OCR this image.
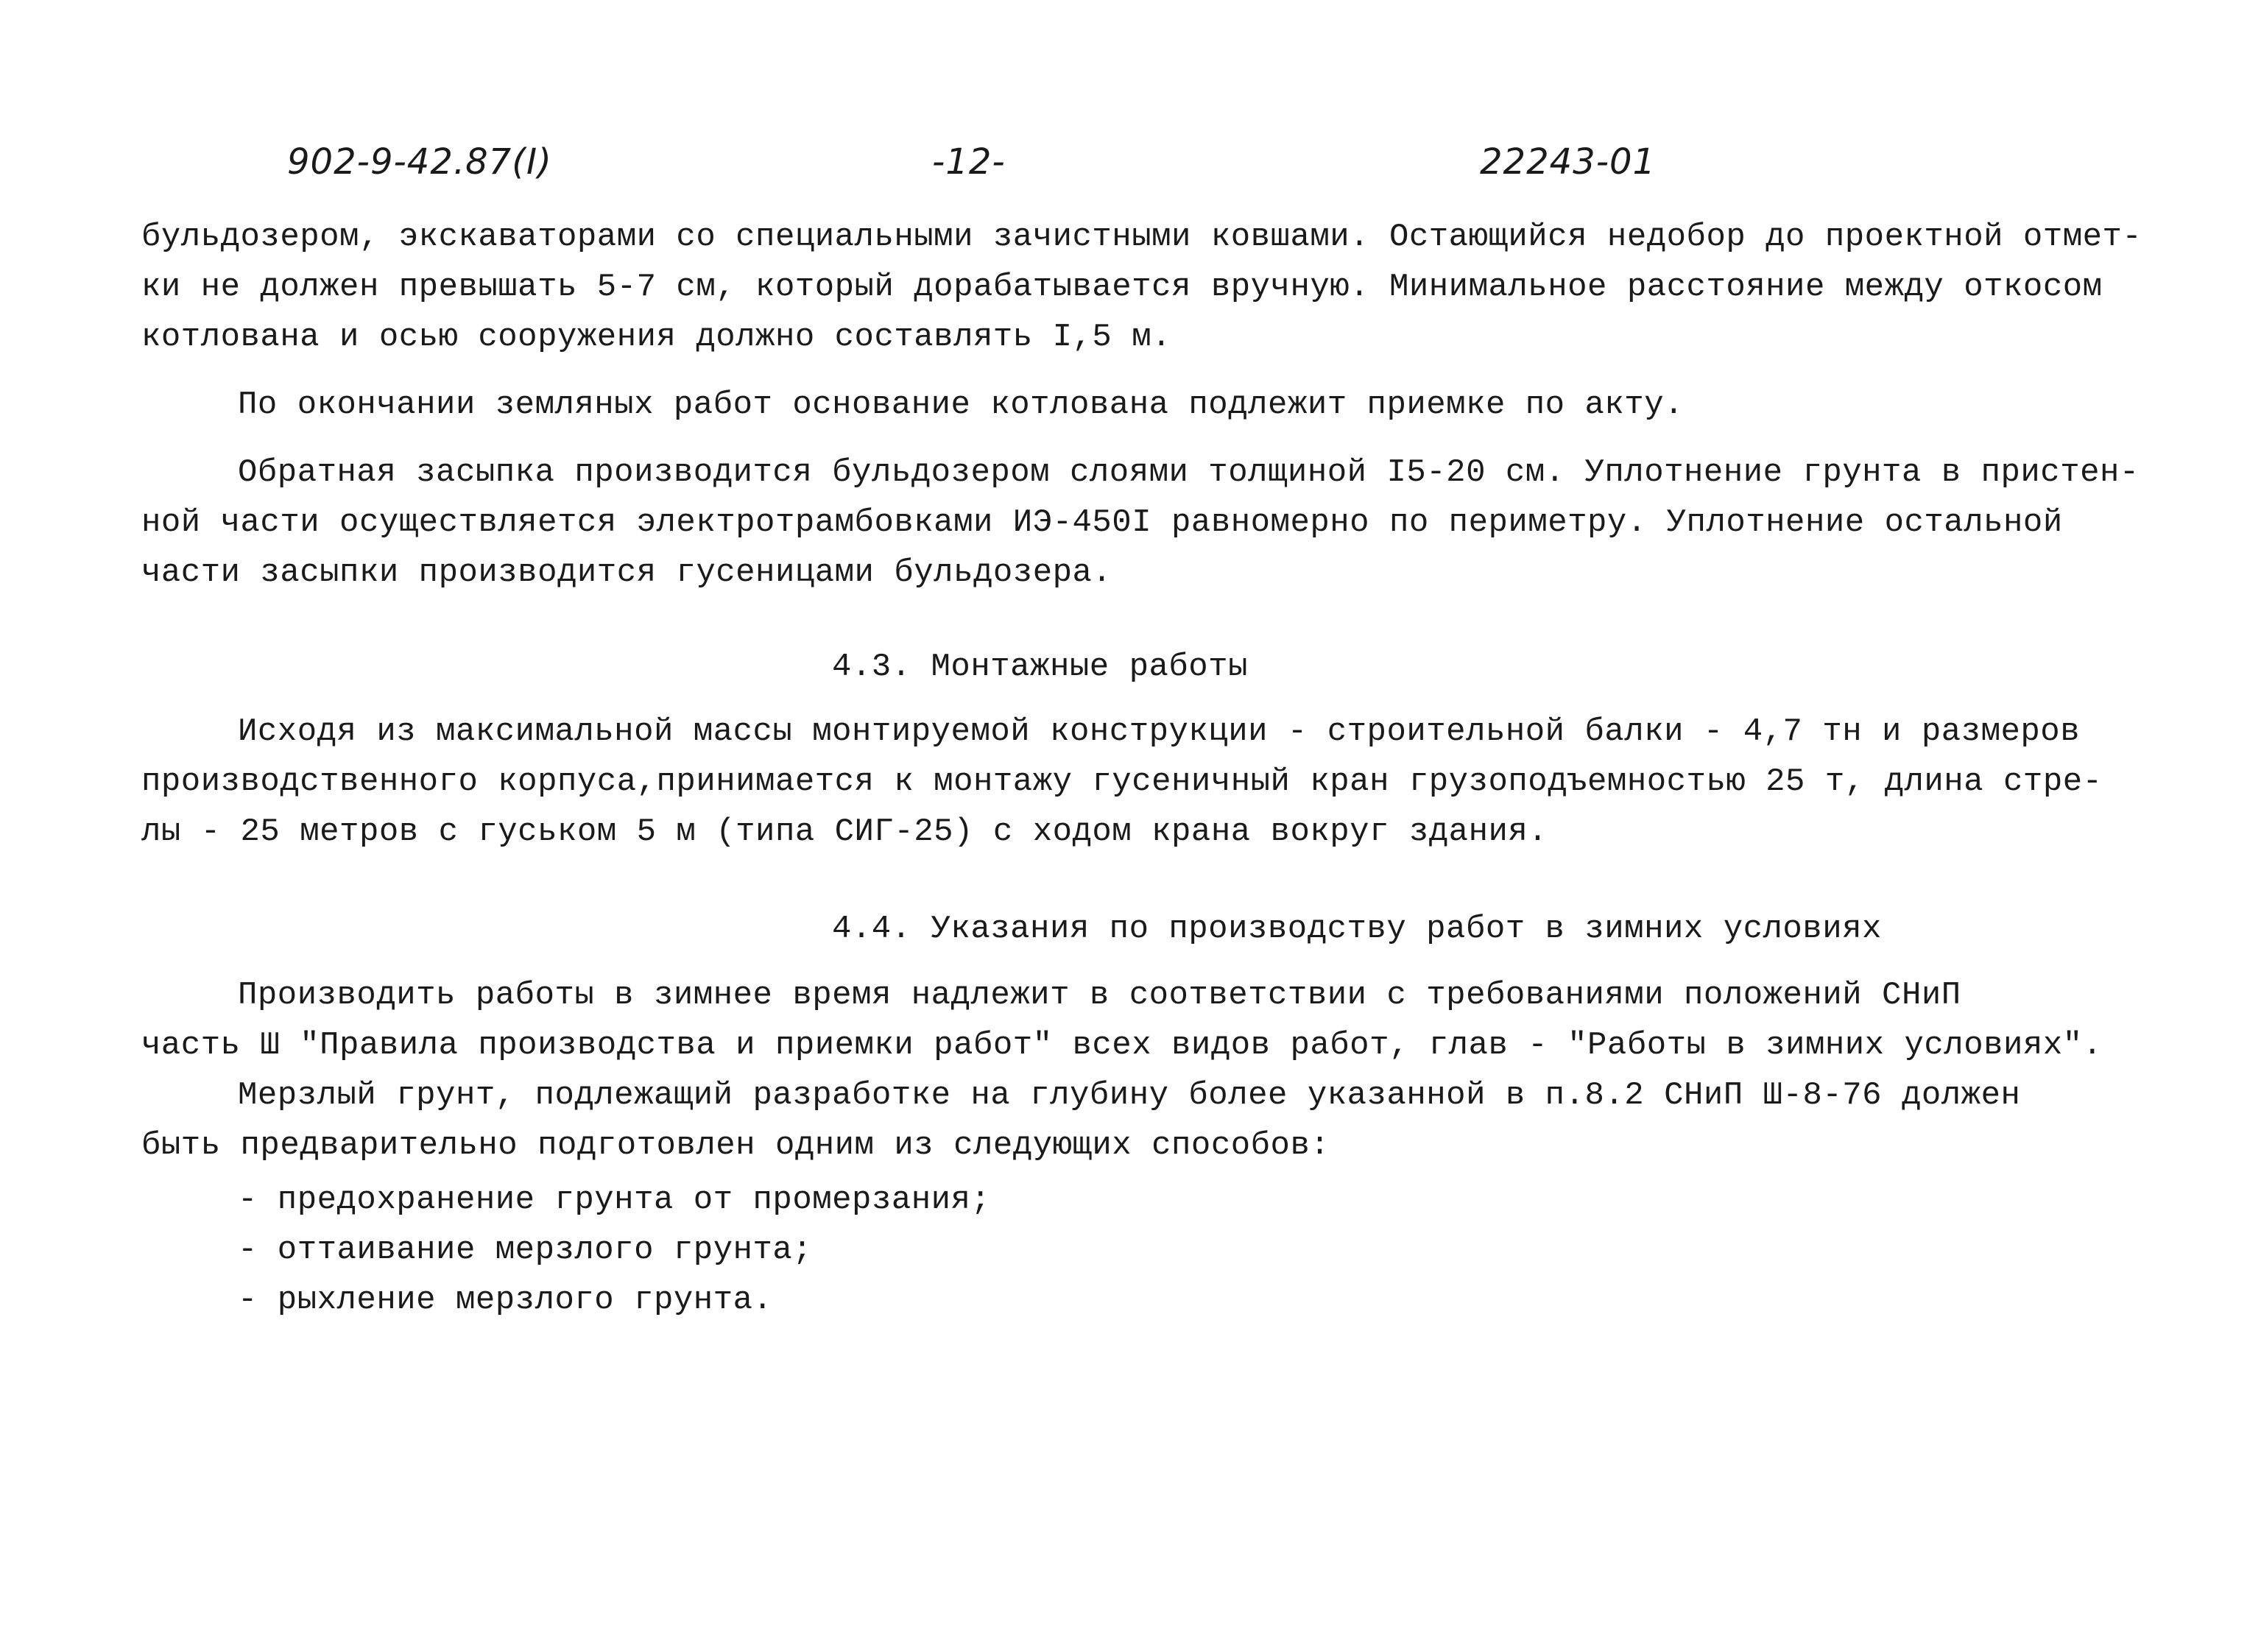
902-9-42.87(I)	-12-	22243-01
бульдозером, экскаваторами со специальными зачистными ковшами. Остающийся недобор до проектной отмет-
ки не должен превышать 5-7 см, который дорабатывается вручную. Минимальное расстояние между откосом
котлована и осью сооружения должно составлять I,5 м.
По окончании земляных работ основание котлована подлежит приемке по акту.
Обратная засыпка производится бульдозером слоями толщиной I5-20 см. Уплотнение грунта в пристен-
ной части осуществляется электротрамбовками ИЭ-450I равномерно по периметру. Уплотнение остальной
части засыпки производится гусеницами бульдозера.
4.3. Монтажные работы
Исходя из максимальной массы монтируемой конструкции - строительной балки - 4,7 тн и размеров
производственного корпуса,принимается к монтажу гусеничный кран грузоподъемностью 25 т, длина стре-
лы - 25 метров с гуськом 5 м (типа СИГ-25) с ходом крана вокруг здания.
4.4. Указания по производству работ в зимних условиях
Производить работы в зимнее время надлежит в соответствии с требованиями положений СНиП
часть Ш "Правила производства и приемки работ" всех видов работ, глав - "Работы в зимних условиях".
Мерзлый грунт, подлежащий разработке на глубину более указанной в п.8.2 СНиП Ш-8-76 должен
быть предварительно подготовлен одним из следующих способов:
- предохранение грунта от промерзания;
- оттаивание мерзлого грунта;
- рыхление мерзлого грунта.
